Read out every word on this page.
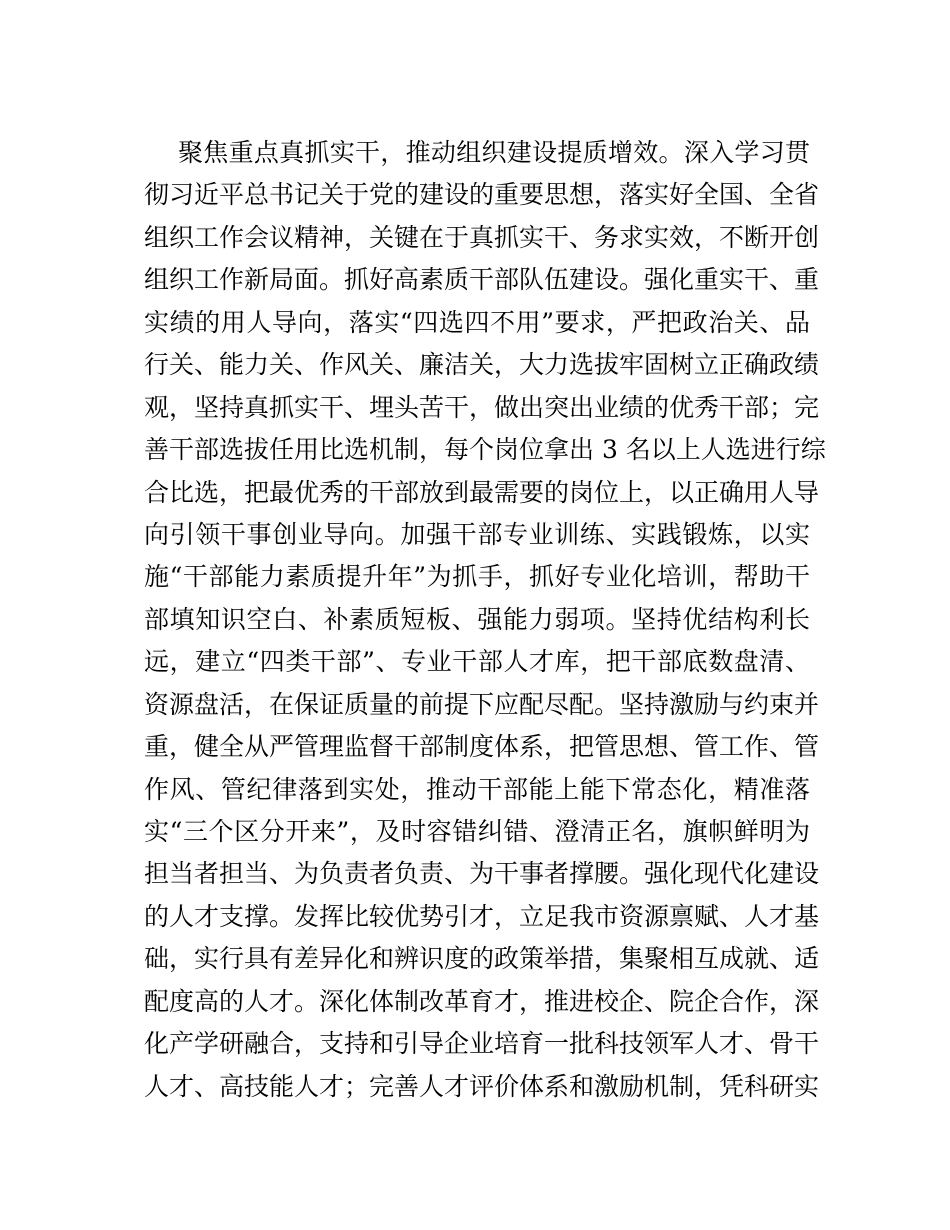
聚焦重点真抓实干，推动组织建设提质增效。深入学习贯
彻习近平总书记关于党的建设的重要思想，落实好全国、全省
组织工作会议精神，关键在于真抓实干、务求实效，不断开创
组织工作新局面。抓好高素质干部队伍建设。强化重实干、重
实绩的用人导向，落实“四选四不用”要求，严把政治关、品
行关、能力关、作风关、廉洁关，大力选拔牢固树立正确政绩
观，坚持真抓实干、埋头苦干，做出突出业绩的优秀干部；完
善干部选拔任用比选机制，每个岗位拿出 3 名以上人选进行综
合比选，把最优秀的干部放到最需要的岗位上，以正确用人导
向引领干事创业导向。加强干部专业训练、实践锻炼，以实
施“干部能力素质提升年”为抓手，抓好专业化培训，帮助干
部填知识空白、补素质短板、强能力弱项。坚持优结构利长
远，建立“四类干部”、专业干部人才库，把干部底数盘清、
资源盘活，在保证质量的前提下应配尽配。坚持激励与约束并
重，健全从严管理监督干部制度体系，把管思想、管工作、管
作风、管纪律落到实处，推动干部能上能下常态化，精准落
实“三个区分开来”，及时容错纠错、澄清正名，旗帜鲜明为
担当者担当、为负责者负责、为干事者撑腰。强化现代化建设
的人才支撑。发挥比较优势引才，立足我市资源禀赋、人才基
础，实行具有差异化和辨识度的政策举措，集聚相互成就、适
配度高的人才。深化体制改革育才，推进校企、院企合作，深
化产学研融合，支持和引导企业培育一批科技领军人才、骨干
人才、高技能人才；完善人才评价体系和激励机制，凭科研实
